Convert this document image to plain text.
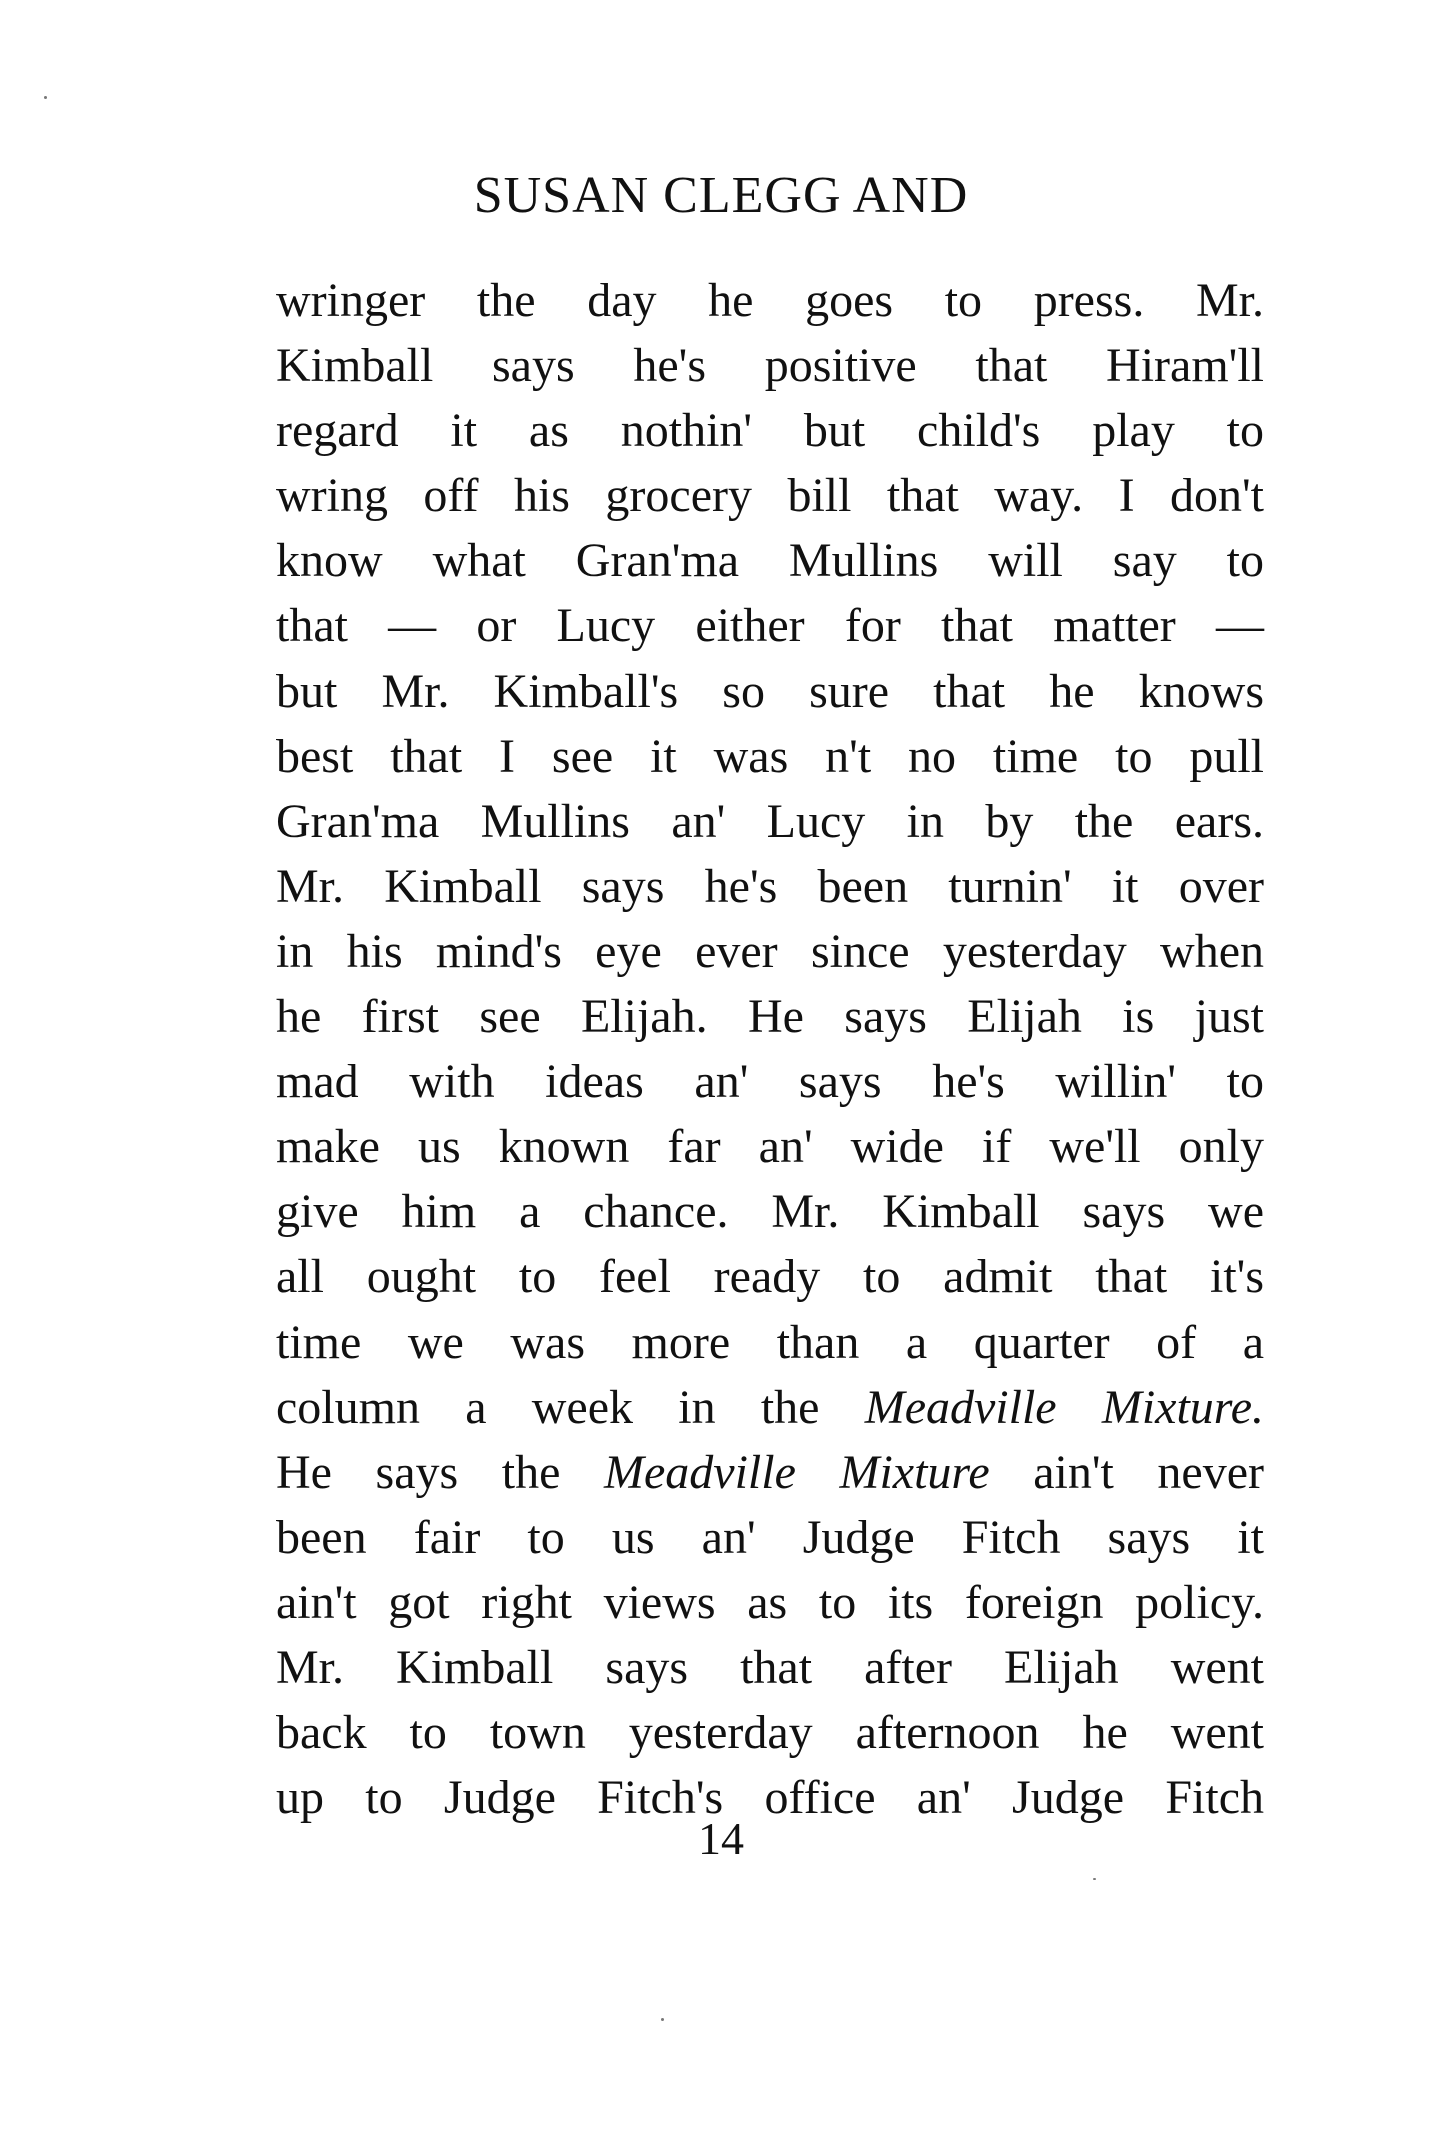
SUSAN CLEGG AND
wringer the day he goes to press. Mr.
Kimball says he's positive that Hiram'll
regard it as nothin' but child's play to
wring off his grocery bill that way. I don't
know what Gran'ma Mullins will say to
that — or Lucy either for that matter —
but Mr. Kimball's so sure that he knows
best that I see it was n't no time to pull
Gran'ma Mullins an' Lucy in by the ears.
Mr. Kimball says he's been turnin' it over
in his mind's eye ever since yesterday when
he first see Elijah. He says Elijah is just
mad with ideas an' says he's willin' to
make us known far an' wide if we'll only
give him a chance. Mr. Kimball says we
all ought to feel ready to admit that it's
time we was more than a quarter of a
column a week in the Meadville Mixture.
He says the Meadville Mixture ain't never
been fair to us an' Judge Fitch says it
ain't got right views as to its foreign policy.
Mr. Kimball says that after Elijah went
back to town yesterday afternoon he went
up to Judge Fitch's office an' Judge Fitch
14
